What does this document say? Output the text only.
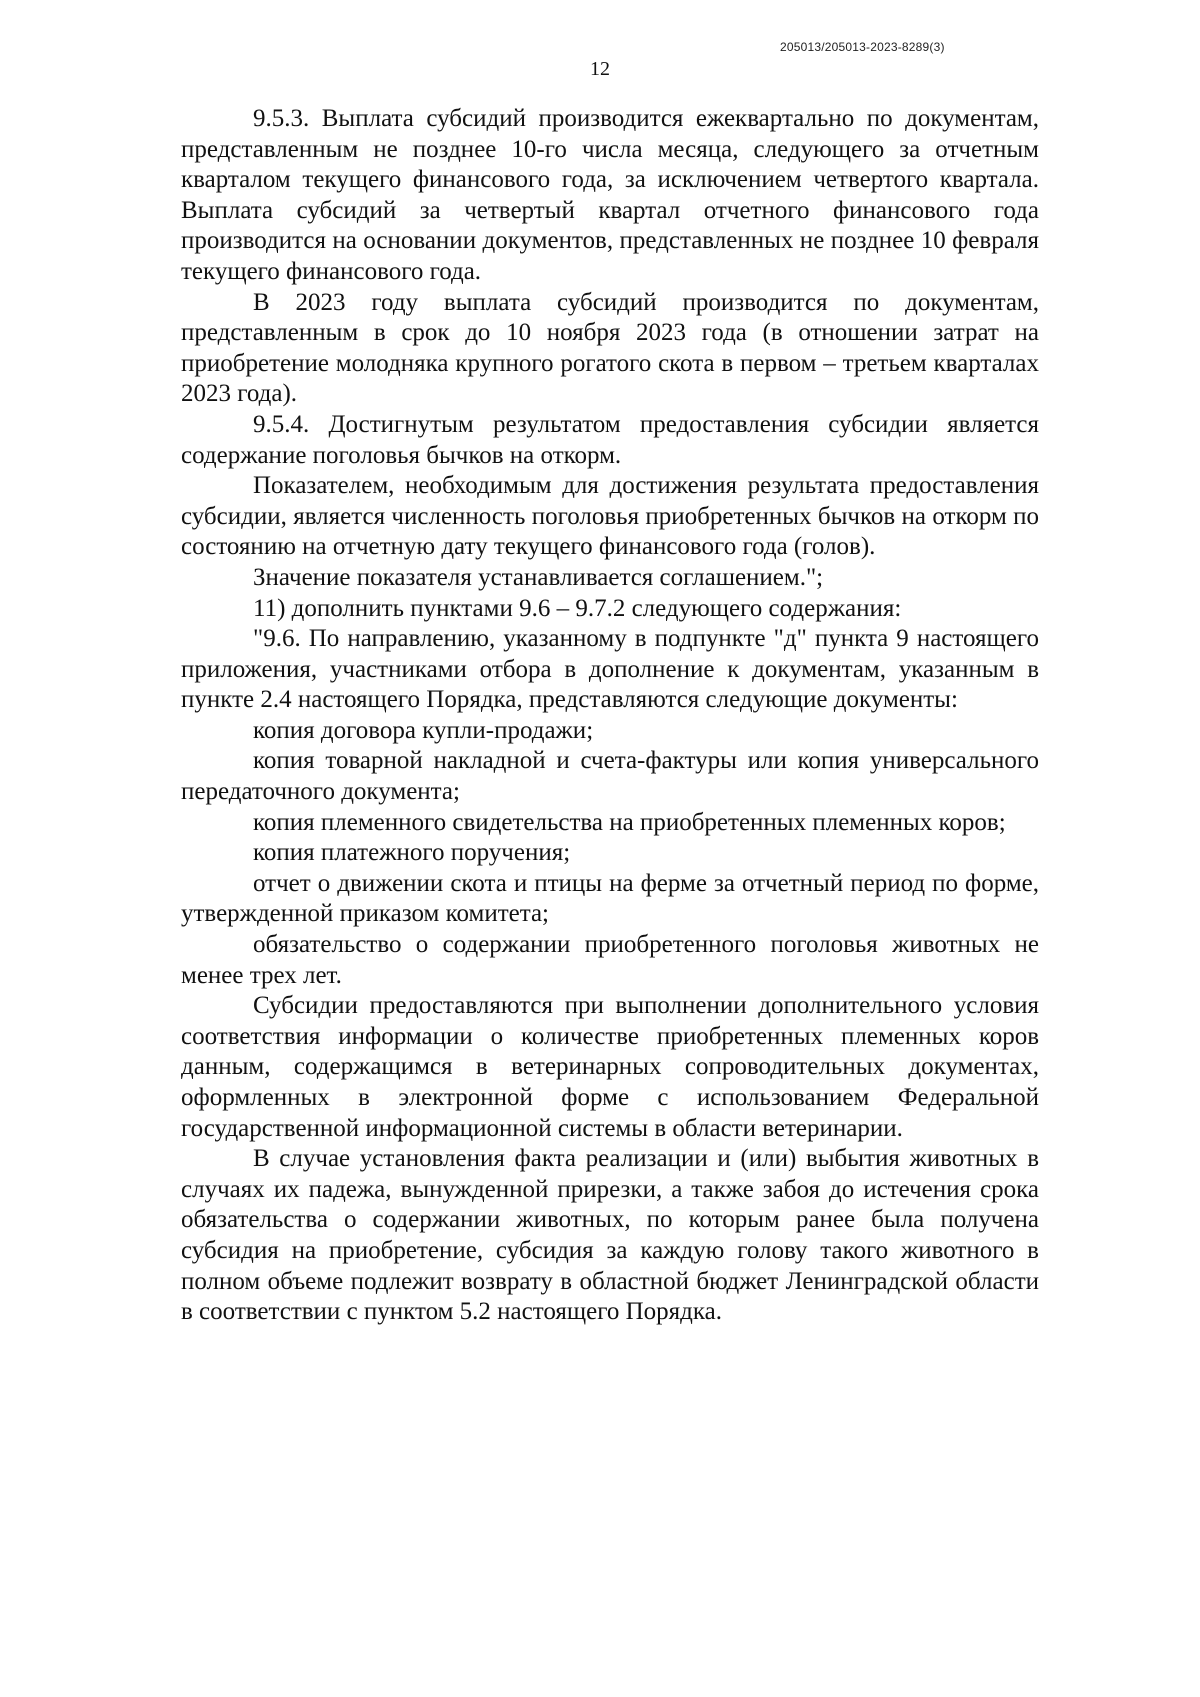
205013/205013-2023-8289(3)
12

9.5.3. Выплата субсидий производится ежеквартально по документам, представленным не позднее 10-го числа месяца, следующего за отчетным кварталом текущего финансового года, за исключением четвертого квартала. Выплата субсидий за четвертый квартал отчетного финансового года производится на основании документов, представленных не позднее 10 февраля текущего финансового года.

В 2023 году выплата субсидий производится по документам, представленным в срок до 10 ноября 2023 года (в отношении затрат на приобретение молодняка крупного рогатого скота в первом – третьем кварталах 2023 года).

9.5.4. Достигнутым результатом предоставления субсидии является содержание поголовья бычков на откорм.

Показателем, необходимым для достижения результата предоставления субсидии, является численность поголовья приобретенных бычков на откорм по состоянию на отчетную дату текущего финансового года (голов).

Значение показателя устанавливается соглашением.";

11) дополнить пунктами 9.6 – 9.7.2 следующего содержания:

"9.6. По направлению, указанному в подпункте "д" пункта 9 настоящего приложения, участниками отбора в дополнение к документам, указанным в пункте 2.4 настоящего Порядка, представляются следующие документы:

копия договора купли-продажи;

копия товарной накладной и счета-фактуры или копия универсального передаточного документа;

копия племенного свидетельства на приобретенных племенных коров;

копия платежного поручения;

отчет о движении скота и птицы на ферме за отчетный период по форме, утвержденной приказом комитета;

обязательство о содержании приобретенного поголовья животных не менее трех лет.

Субсидии предоставляются при выполнении дополнительного условия соответствия информации о количестве приобретенных племенных коров данным, содержащимся в ветеринарных сопроводительных документах, оформленных в электронной форме с использованием Федеральной государственной информационной системы в области ветеринарии.

В случае установления факта реализации и (или) выбытия животных в случаях их падежа, вынужденной прирезки, а также забоя до истечения срока обязательства о содержании животных, по которым ранее была получена субсидия на приобретение, субсидия за каждую голову такого животного в полном объеме подлежит возврату в областной бюджет Ленинградской области в соответствии с пунктом 5.2 настоящего Порядка.
